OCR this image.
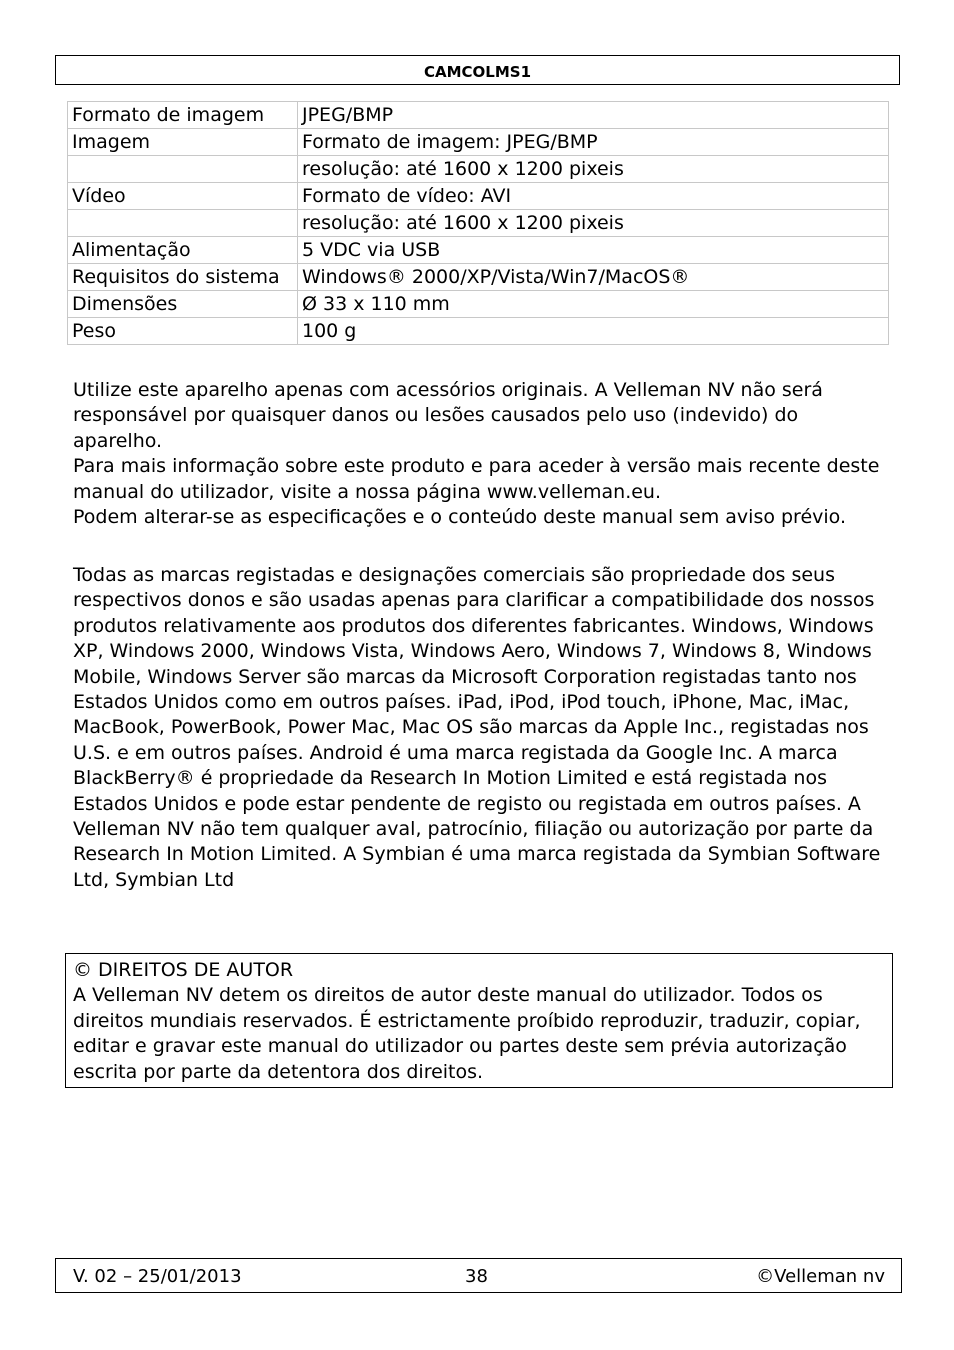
CAMCOLMS1
Formato de imagem	JPEG/BMP
Imagem	Formato de imagem: JPEG/BMP
	resolução: até 1600 x 1200 pixeis
Vídeo	Formato de vídeo: AVI
	resolução: até 1600 x 1200 pixeis
Alimentação	5 VDC via USB
Requisitos do sistema	Windows® 2000/XP/Vista/Win7/MacOS®
Dimensões	Ø 33 x 110 mm
Peso	100 g

Utilize este aparelho apenas com acessórios originais. A Velleman NV não será responsável por quaisquer danos ou lesões causados pelo uso (indevido) do aparelho.

Para mais informação sobre este produto e para aceder à versão mais recente deste manual do utilizador, visite a nossa página www.velleman.eu.

Podem alterar-se as especificações e o conteúdo deste manual sem aviso prévio.

Todas as marcas registadas e designações comerciais são propriedade dos seus respectivos donos e são usadas apenas para clarificar a compatibilidade dos nossos produtos relativamente aos produtos dos diferentes fabricantes. Windows, Windows XP, Windows 2000, Windows Vista, Windows Aero, Windows 7, Windows 8, Windows Mobile, Windows Server são marcas da Microsoft Corporation registadas tanto nos Estados Unidos como em outros países. iPad, iPod, iPod touch, iPhone, Mac, iMac, MacBook, PowerBook, Power Mac, Mac OS são marcas da Apple Inc., registadas nos U.S. e em outros países. Android é uma marca registada da Google Inc. A marca BlackBerry® é propriedade da Research In Motion Limited e está registada nos Estados Unidos e pode estar pendente de registo ou registada em outros países. A Velleman NV não tem qualquer aval, patrocínio, filiação ou autorização por parte da Research In Motion Limited. A Symbian é uma marca registada da Symbian Software Ltd, Symbian Ltd

© DIREITOS DE AUTOR

A Velleman NV detem os direitos de autor deste manual do utilizador. Todos os direitos mundiais reservados. É estrictamente proíbido reproduzir, traduzir, copiar, editar e gravar este manual do utilizador ou partes deste sem prévia autorização escrita por parte da detentora dos direitos.

V. 02 – 25/01/2013	38	©Velleman nv
